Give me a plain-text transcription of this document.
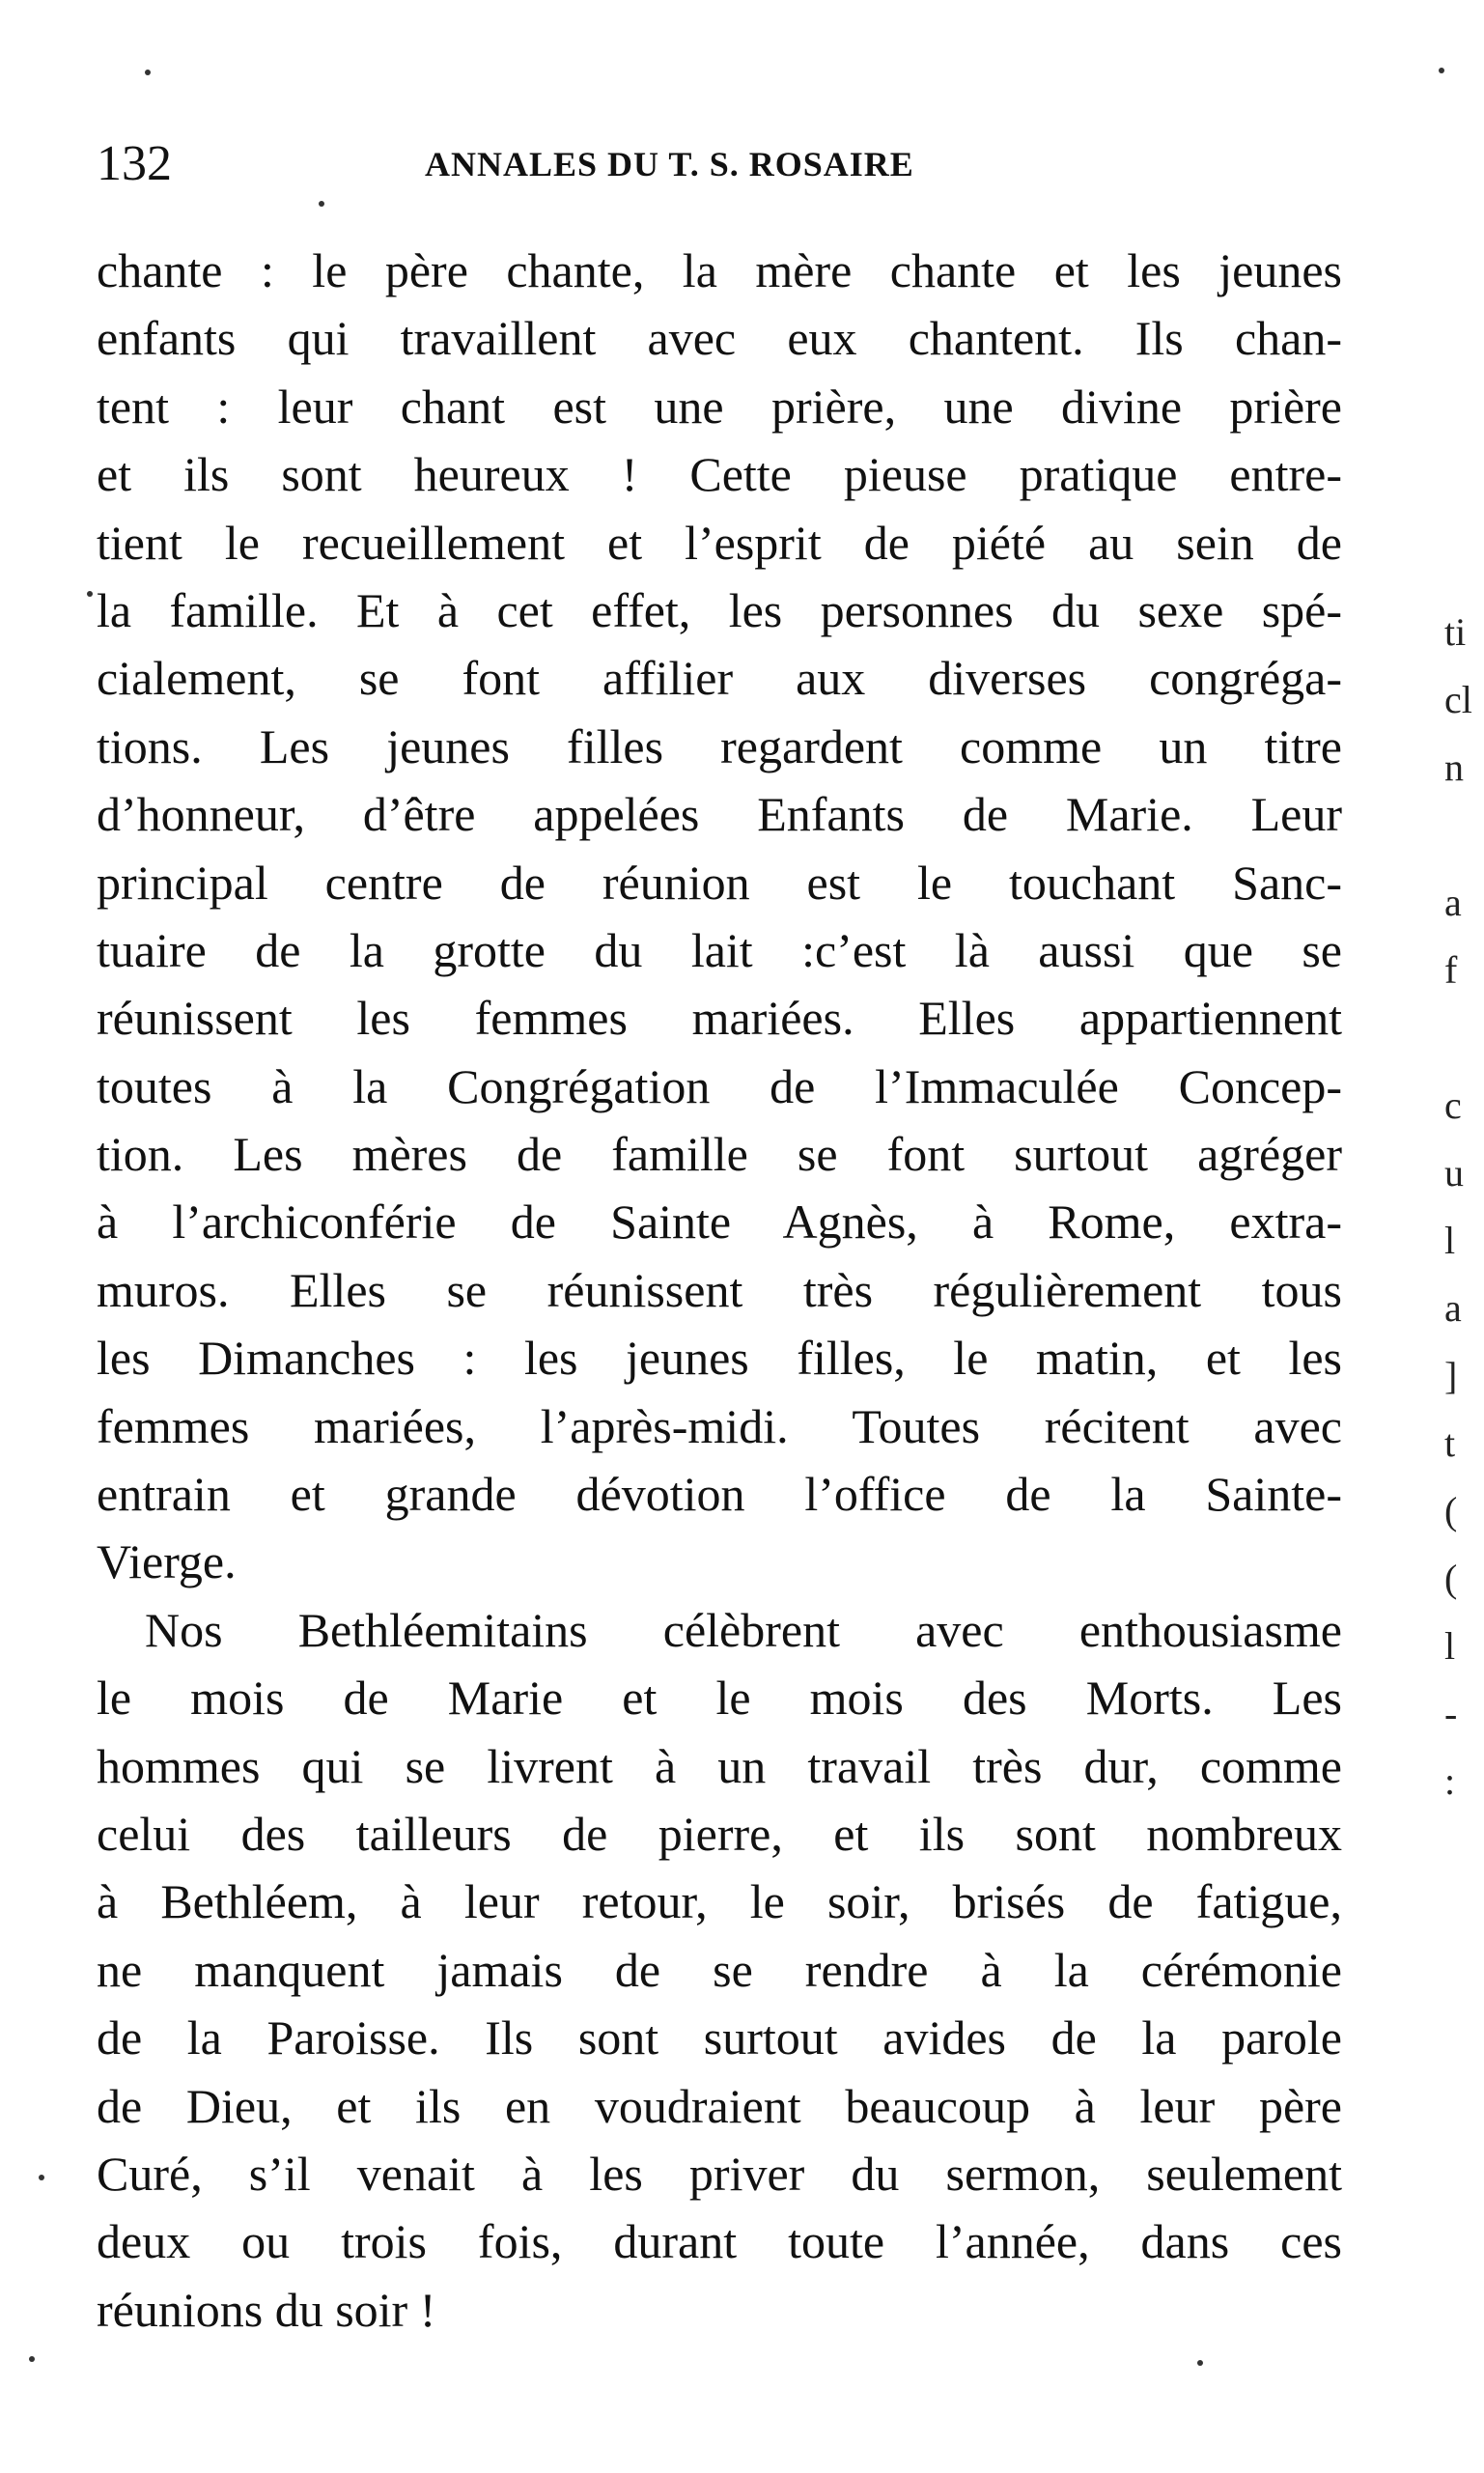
132	ANNALES DU T. S. ROSAIRE
chante : le père chante, la mère chante et les jeunes
enfants qui travaillent avec eux chantent. Ils chan-
tent : leur chant est une prière, une divine prière
et ils sont heureux ! Cette pieuse pratique entre-
tient le recueillement et l’esprit de piété au sein de
la famille. Et à cet effet, les personnes du sexe spé-
cialement, se font affilier aux diverses congréga-
tions. Les jeunes filles regardent comme un titre
d’honneur, d’être appelées Enfants de Marie. Leur
principal centre de réunion est le touchant Sanc-
tuaire de la grotte du lait :c’est là aussi que se
réunissent les femmes mariées. Elles appartiennent
toutes à la Congrégation de l’Immaculée Concep-
tion. Les mères de famille se font surtout agréger
à l’archiconférie de Sainte Agnès, à Rome, extra-
muros. Elles se réunissent très régulièrement tous
les Dimanches : les jeunes filles, le matin, et les
femmes mariées, l’après-midi. Toutes récitent avec
entrain et grande dévotion l’office de la Sainte-
Vierge.
Nos Bethléemitains célèbrent avec enthousiasme
le mois de Marie et le mois des Morts. Les
hommes qui se livrent à un travail très dur, comme
celui des tailleurs de pierre, et ils sont nombreux
à Bethléem, à leur retour, le soir, brisés de fatigue,
ne manquent jamais de se rendre à la cérémonie
de la Paroisse. Ils sont surtout avides de la parole
de Dieu, et ils en voudraient beaucoup à leur père
Curé, s’il venait à les priver du sermon, seulement
deux ou trois fois, durant toute l’année, dans ces
réunions du soir !
ti
cl
n
a
f
c
u
l
a
]
t
(
(
l
-
:
